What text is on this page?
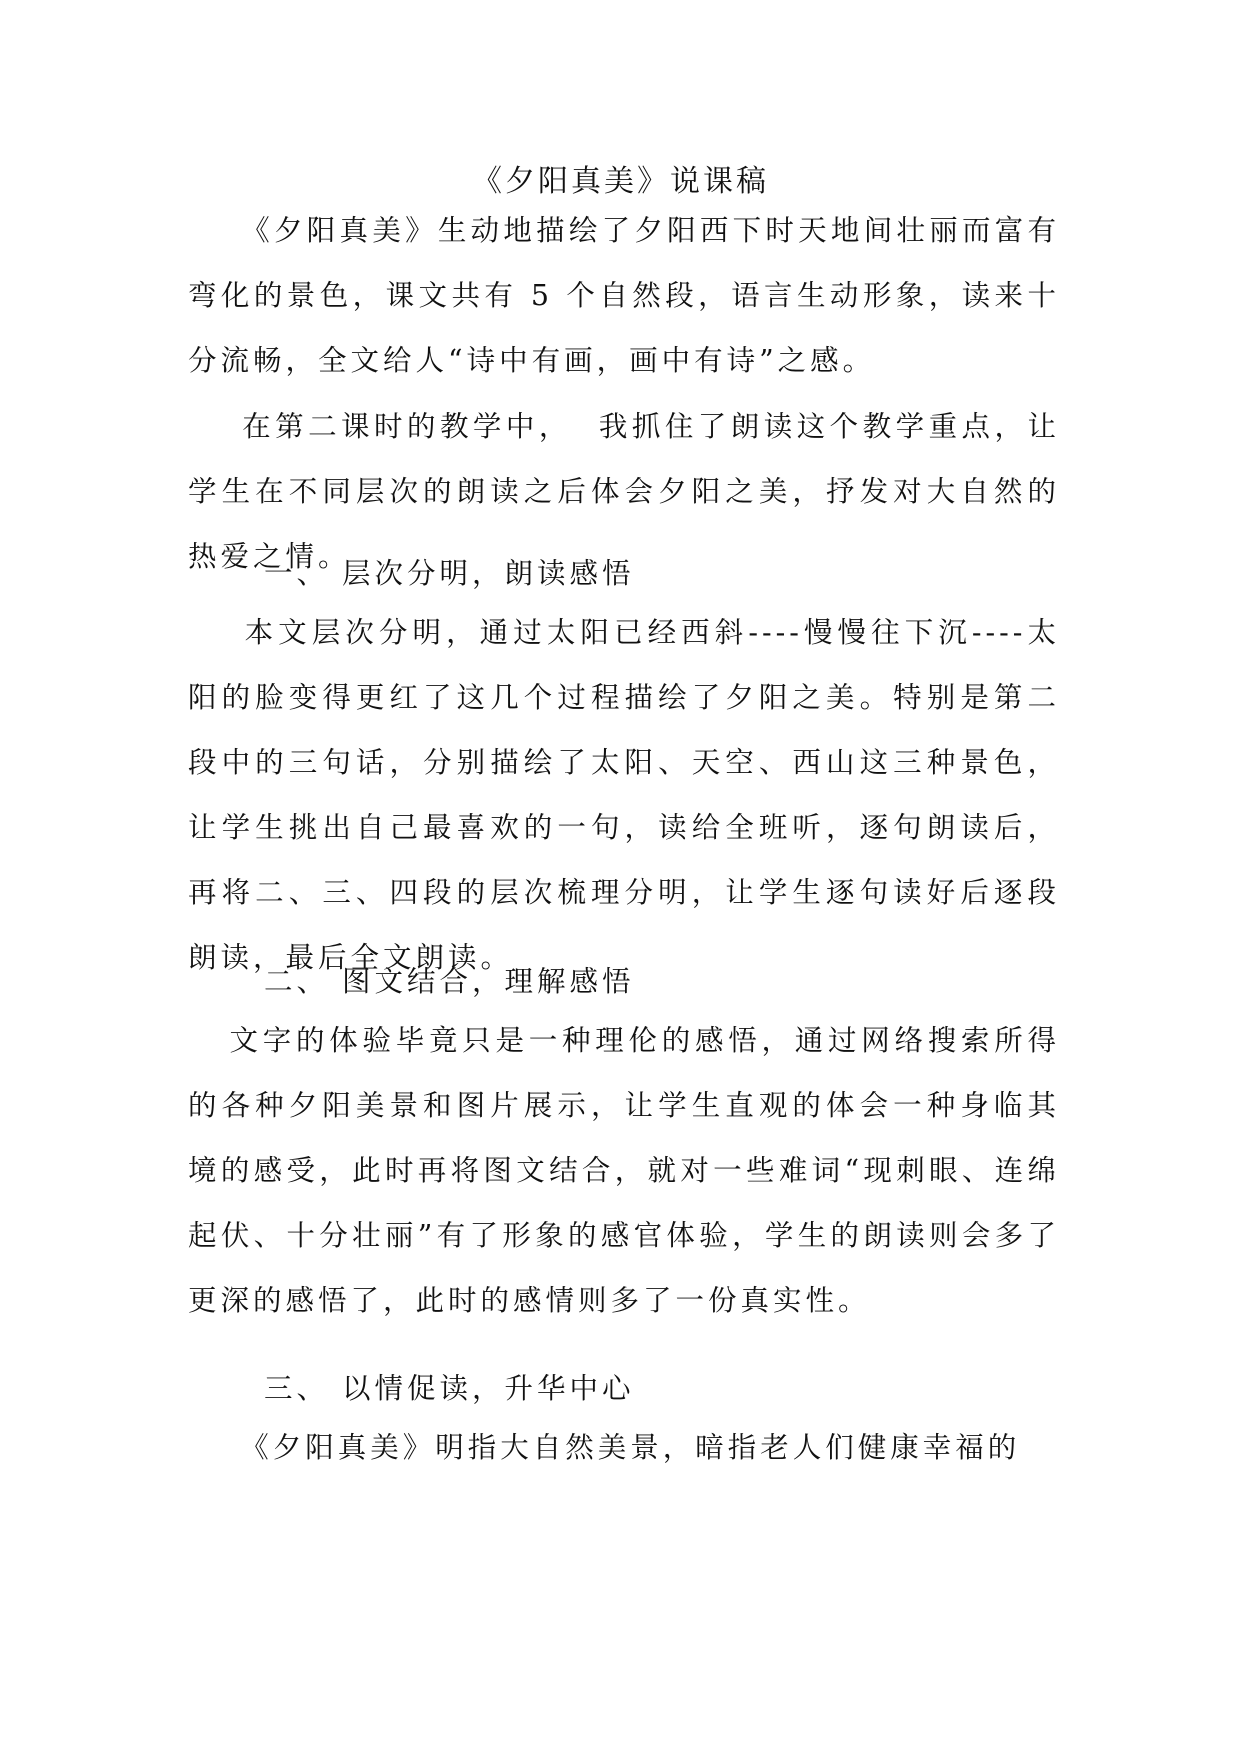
《夕阳真美》说课稿

《夕阳真美》生动地描绘了夕阳西下时天地间壮丽而富有弯化的景色，课文共有 5 个自然段，语言生动形象，读来十分流畅，全文给人“诗中有画，画中有诗”之感。

在第二课时的教学中，  我抓住了朗读这个教学重点，让学生在不同层次的朗读之后体会夕阳之美，抒发对大自然的热爱之情。

一、 层次分明，朗读感悟

本文层次分明，通过太阳已经西斜----慢慢往下沉----太阳的脸变得更红了这几个过程描绘了夕阳之美。特别是第二段中的三句话，分别描绘了太阳、天空、西山这三种景色，让学生挑出自己最喜欢的一句，读给全班听，逐句朗读后，再将二、三、四段的层次梳理分明，让学生逐句读好后逐段朗读，最后全文朗读。

二、 图文结合，理解感悟

文字的体验毕竟只是一种理伦的感悟，通过网络搜索所得的各种夕阳美景和图片展示，让学生直观的体会一种身临其境的感受，此时再将图文结合，就对一些难词“现刺眼、连绵起伏、十分壮丽”有了形象的感官体验，学生的朗读则会多了更深的感悟了，此时的感情则多了一份真实性。

三、 以情促读，升华中心

《夕阳真美》明指大自然美景，暗指老人们健康幸福的
